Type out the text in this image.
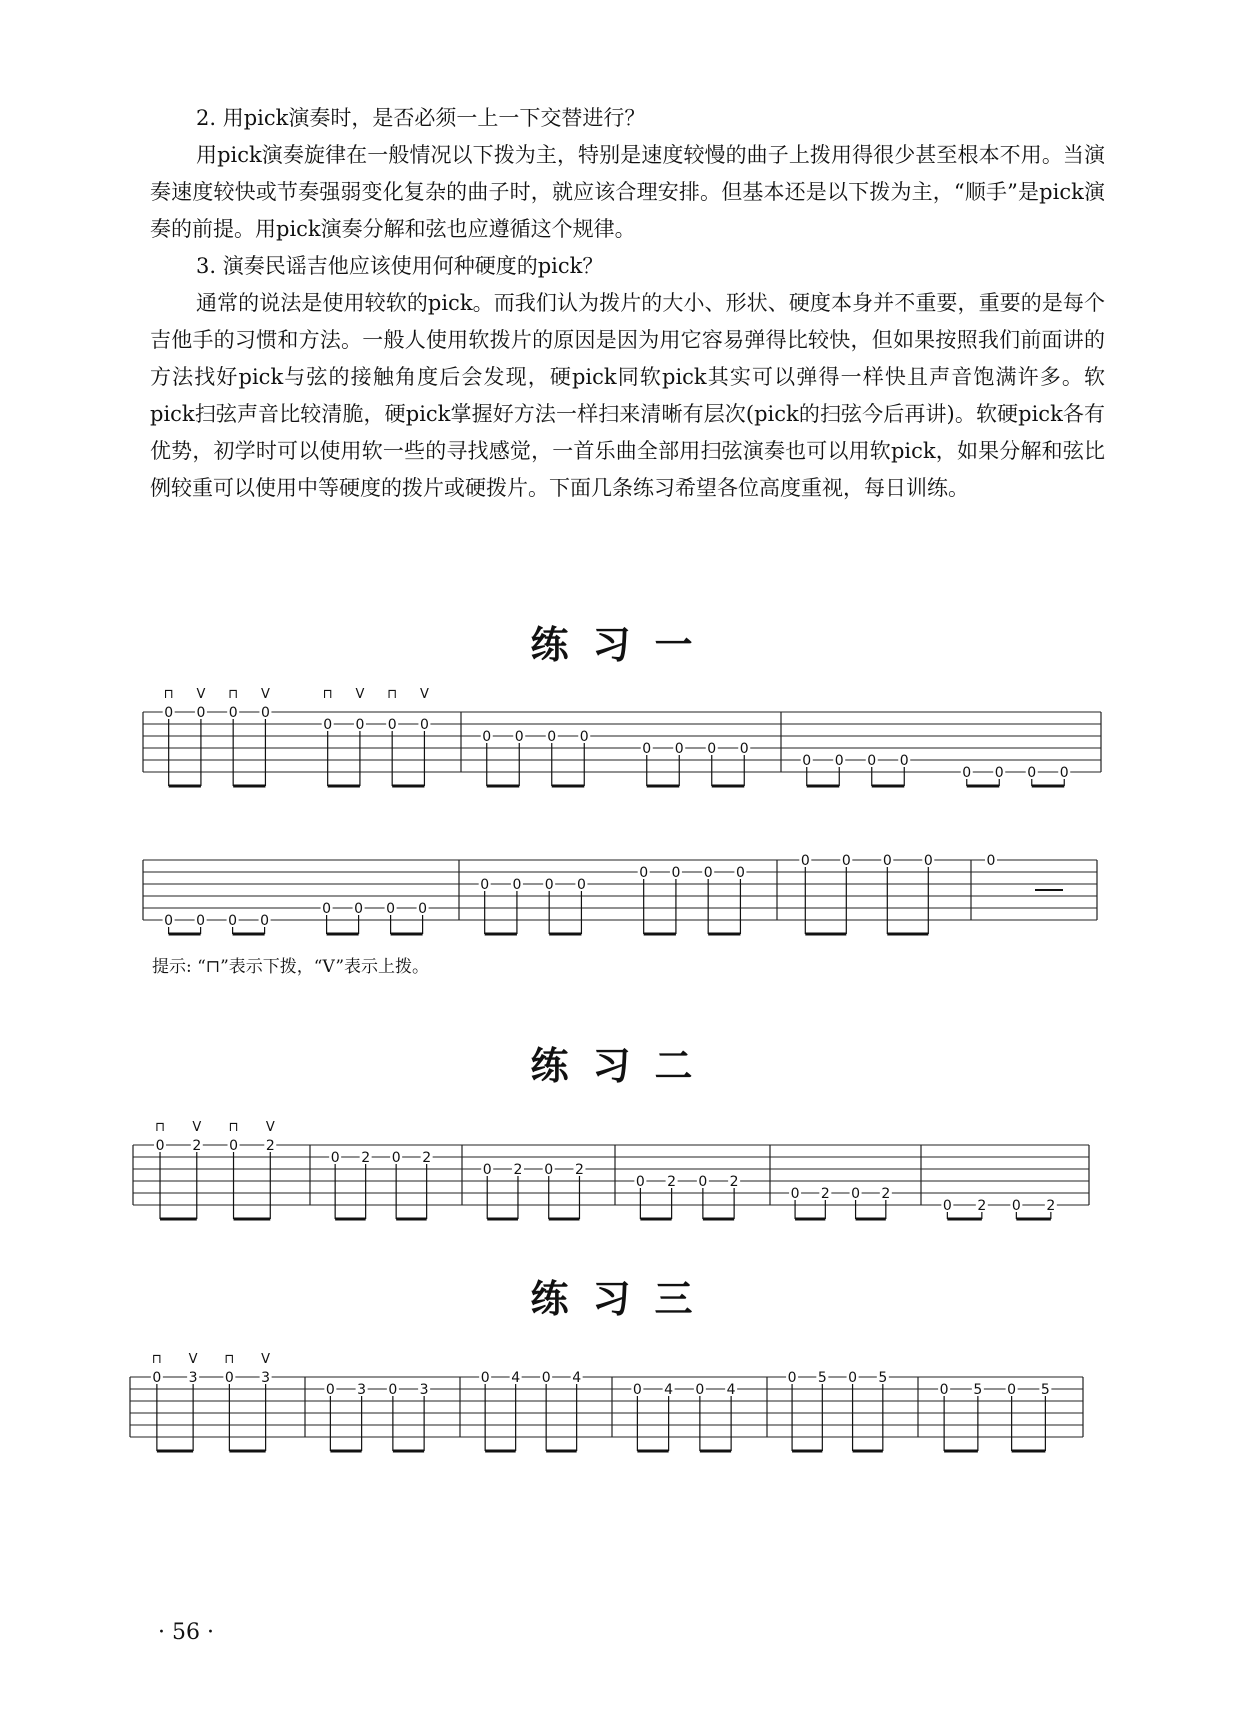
2. 用pick演奏时，是否必须一上一下交替进行？
用pick演奏旋律在一般情况以下拨为主，特别是速度较慢的曲子上拨用得很少甚至根本不用。当演奏速度较快或节奏强弱变化复杂的曲子时，就应该合理安排。但基本还是以下拨为主，“顺手”是pick演奏的前提。用pick演奏分解和弦也应遵循这个规律。
3. 演奏民谣吉他应该使用何种硬度的pick？
通常的说法是使用较软的pick。而我们认为拨片的大小、形状、硬度本身并不重要，重要的是每个吉他手的习惯和方法。一般人使用软拨片的原因是因为用它容易弹得比较快，但如果按照我们前面讲的方法找好pick与弦的接触角度后会发现，硬pick同软pick其实可以弹得一样快且声音饱满许多。软pick扫弦声音比较清脆，硬pick掌握好方法一样扫来清晰有层次(pick的扫弦今后再讲)。软硬pick各有优势，初学时可以使用软一些的寻找感觉，一首乐曲全部用扫弦演奏也可以用软pick，如果分解和弦比例较重可以使用中等硬度的拨片或硬拨片。下面几条练习希望各位高度重视，每日训练。
练习一
0
⊓
0
V
0
⊓
0
V
0
⊓
0
V
0
⊓
0
V
0 0 0 0
0 0 0 0
0 0 0 0
0 0 0 0
0 0 0 0
0 0 0 0
0 0 0 0
0 0 0 0
0 0 0 0	0
提示: “⊓”表示下拨，“V”表示上拨。
练习二
0
⊓
2
V
0
⊓
2
V
0 2 0 2
0 2 0 2
0 2 0 2
0 2 0 2
0 2 0 2
练习三
0
⊓
3
V
0
⊓
3
V
0 3 0 3
0 4 0 4
0 4 0 4
0 5 0 5
0 5 0 5
· 56 ·
